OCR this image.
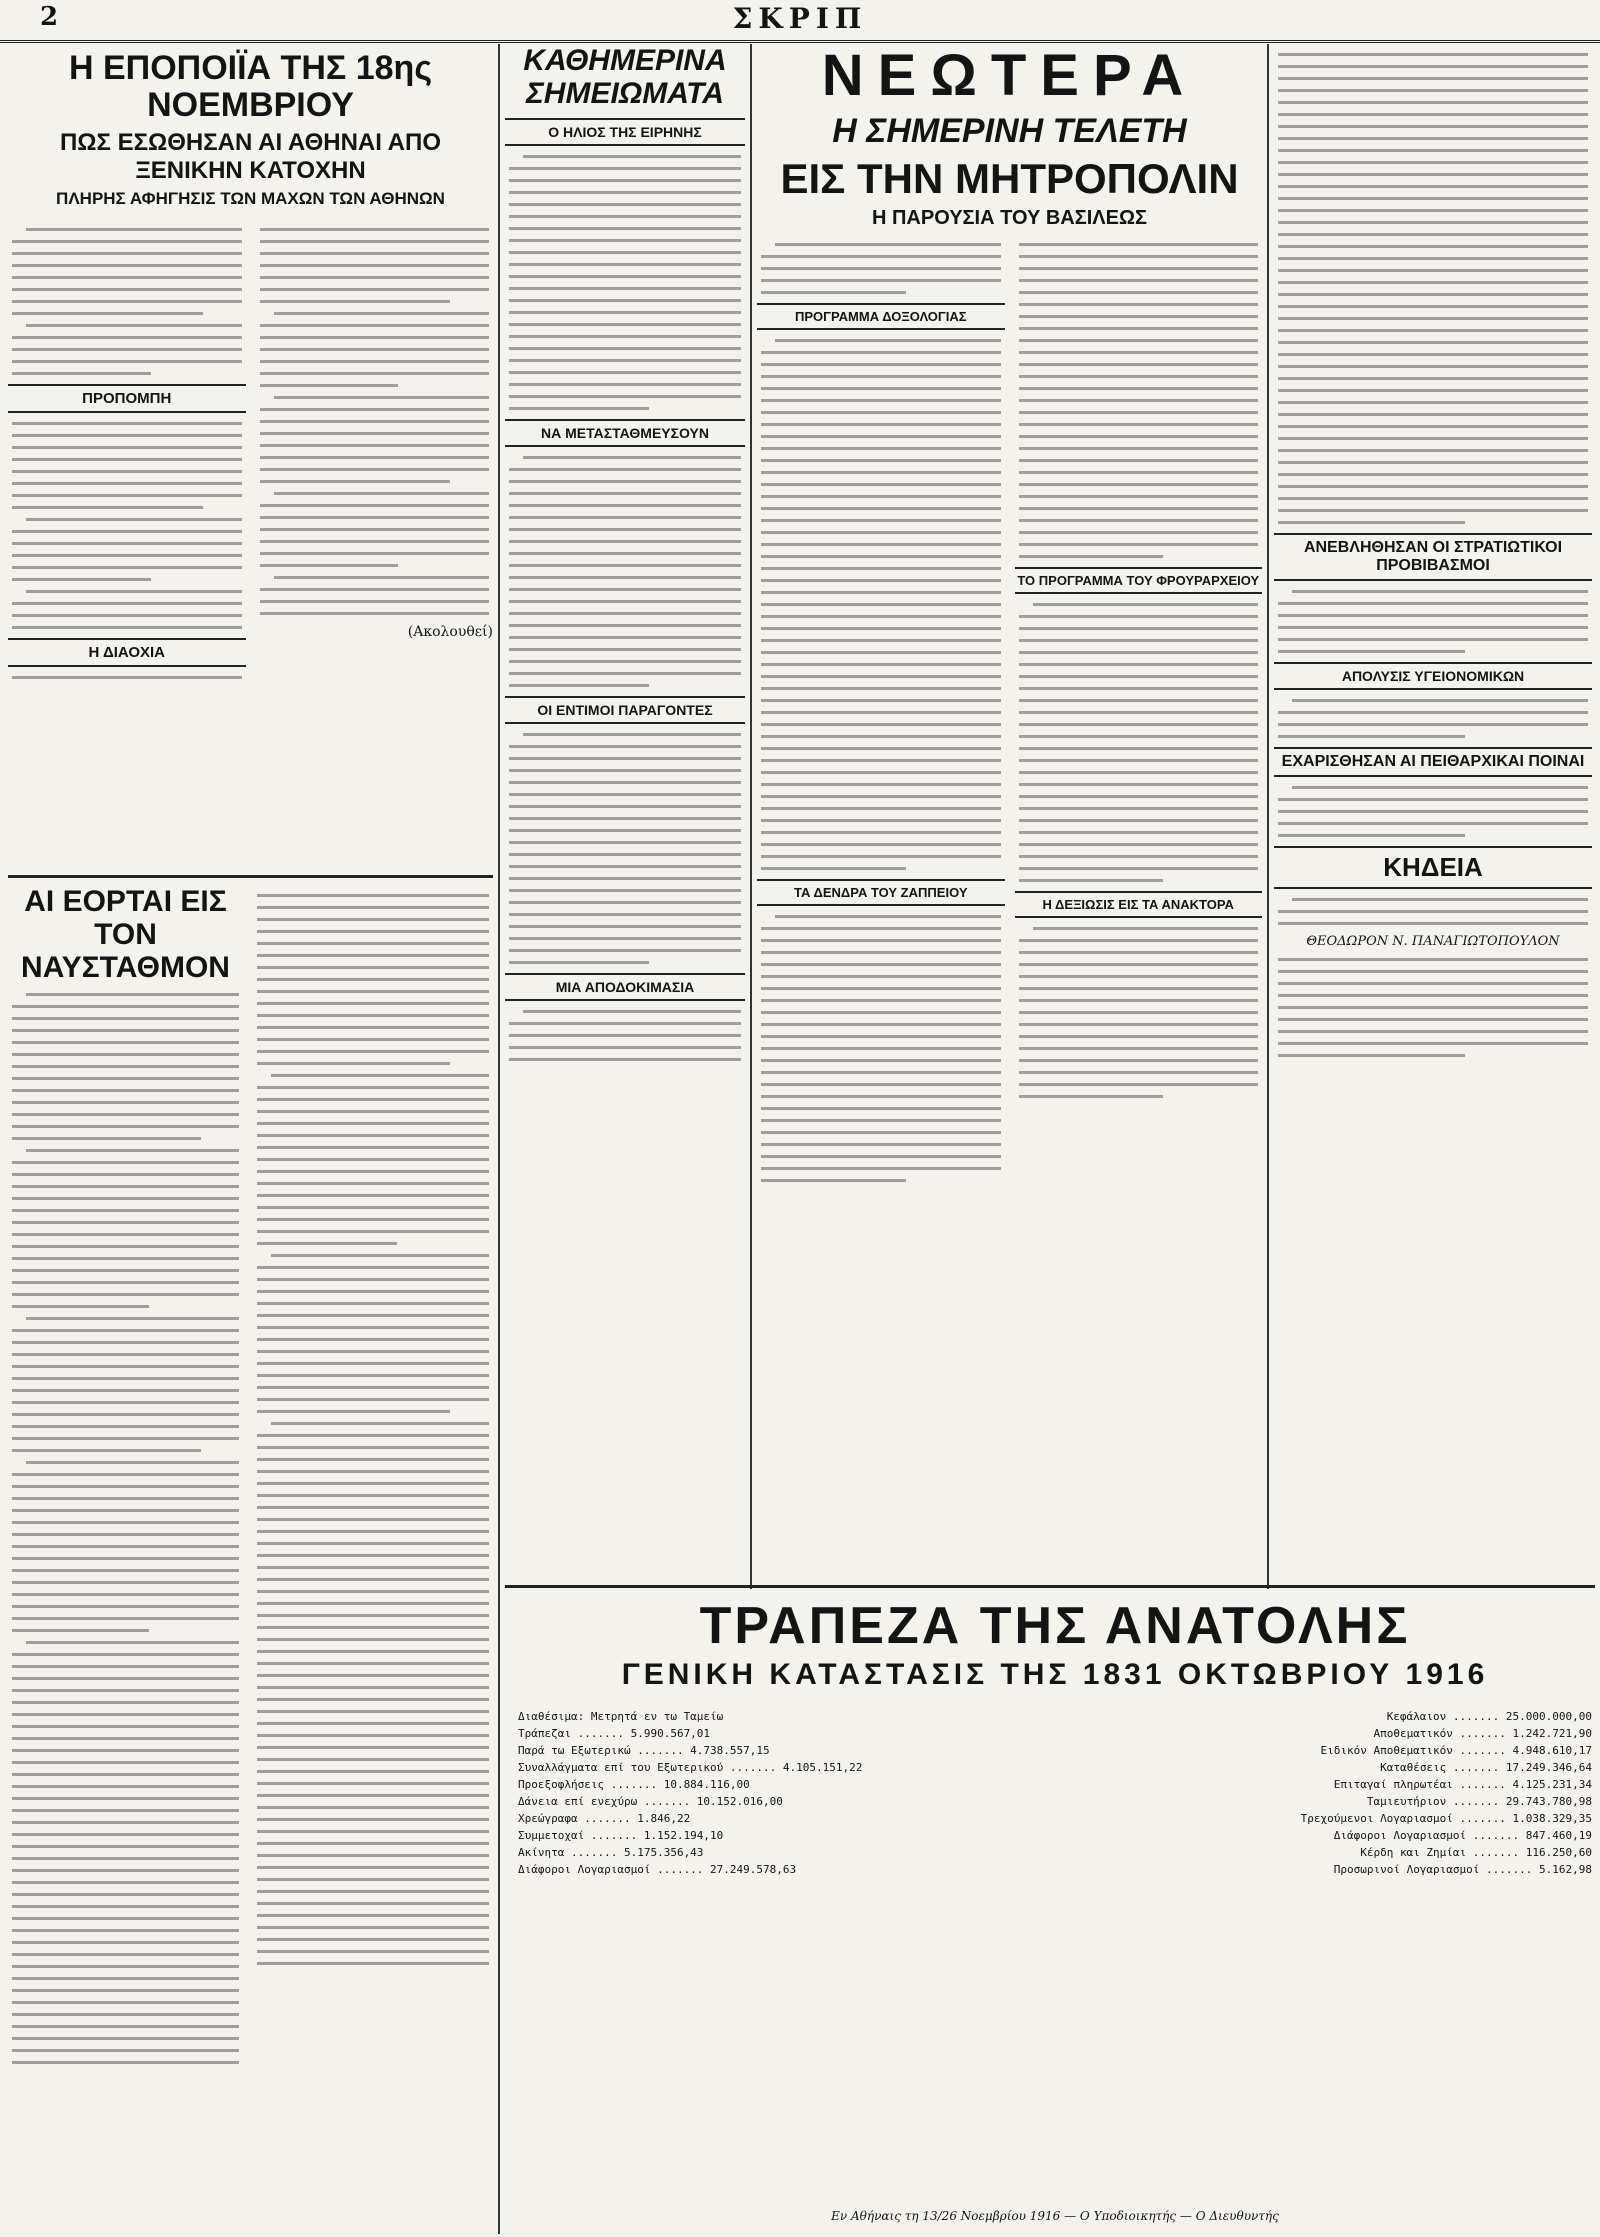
2	ΣΚΡΙΠ
Η ΕΠΟΠΟΙΪΑ ΤΗΣ 18ης ΝΟΕΜΒΡΙΟΥ
ΠΩΣ ΕΣΩΘΗΣΑΝ ΑΙ ΑΘΗΝΑΙ ΑΠΟ ΞΕΝΙΚΗΝ ΚΑΤΟΧΗΝ
ΠΛΗΡΗΣ ΑΦΗΓΗΣΙΣ ΤΩΝ ΜΑΧΩΝ ΤΩΝ ΑΘΗΝΩΝ
ΠΡΟΠΟΜΠΗ
Η ΔΙΑΟΧΙΑ
(Ακολουθεί)
ΑΙ ΕΟΡΤΑΙ ΕΙΣ ΤΟΝ ΝΑΥΣΤΑΘΜΟΝ
ΚΑΘΗΜΕΡΙΝΑ ΣΗΜΕΙΩΜΑΤΑ
Ο ΗΛΙΟΣ ΤΗΣ ΕΙΡΗΝΗΣ
ΝΑ ΜΕΤΑΣΤΑΘΜΕΥΣΟΥΝ
ΟΙ ΕΝΤΙΜΟΙ ΠΑΡΑΓΟΝΤΕΣ
ΜΙΑ ΑΠΟΔΟΚΙΜΑΣΙΑ
ΝΕΩΤΕΡΑ
Η ΣΗΜΕΡΙΝΗ ΤΕΛΕΤΗ
ΕΙΣ ΤΗΝ ΜΗΤΡΟΠΟΛΙΝ
Η ΠΑΡΟΥΣΙΑ ΤΟΥ ΒΑΣΙΛΕΩΣ
ΠΡΟΓΡΑΜΜΑ ΔΟΞΟΛΟΓΙΑΣ
ΤΑ ΔΕΝΔΡΑ ΤΟΥ ΖΑΠΠΕΙΟΥ
ΤΟ ΠΡΟΓΡΑΜΜΑ ΤΟΥ ΦΡΟΥΡΑΡΧΕΙΟΥ
Η ΔΕΞΙΩΣΙΣ ΕΙΣ ΤΑ ΑΝΑΚΤΟΡΑ
ΑΝΕΒΛΗΘΗΣΑΝ ΟΙ ΣΤΡΑΤΙΩΤΙΚΟΙ ΠΡΟΒΙΒΑΣΜΟΙ
ΑΠΟΛΥΣΙΣ ΥΓΕΙΟΝΟΜΙΚΩΝ
ΕΧΑΡΙΣΘΗΣΑΝ ΑΙ ΠΕΙΘΑΡΧΙΚΑΙ ΠΟΙΝΑΙ
ΚΗΔΕΙΑ
ΘΕΟΔΩΡΟΝ Ν. ΠΑΝΑΓΙΩΤΟΠΟΥΛΟΝ
ΤΡΑΠΕΖΑ ΤΗΣ ΑΝΑΤΟΛΗΣ
ΓΕΝΙΚΗ ΚΑΤΑΣΤΑΣΙΣ ΤΗΣ 1831 ΟΚΤΩΒΡΙΟΥ 1916
Διαθέσιμα: Μετρητά εν τω Ταμείω	Κεφάλαιον ....... 25.000.000,00
Τράπεζαι ....... 5.990.567,01	Αποθεματικόν ....... 1.242.721,90
Παρά τω Εξωτερικώ ....... 4.738.557,15	Ειδικόν Αποθεματικόν ....... 4.948.610,17
Συναλλάγματα επί του Εξωτερικού ....... 4.105.151,22	Καταθέσεις ....... 17.249.346,64
Προεξοφλήσεις ....... 10.884.116,00	Επιταγαί πληρωτέαι ....... 4.125.231,34
Δάνεια επί ενεχύρω ....... 10.152.016,00	Ταμιευτήριον ....... 29.743.780,98
Χρεώγραφα ....... 1.846,22	Τρεχούμενοι Λογαριασμοί ....... 1.038.329,35
Συμμετοχαί ....... 1.152.194,10	Διάφοροι Λογαριασμοί ....... 847.460,19
Ακίνητα ....... 5.175.356,43	Κέρδη και Ζημίαι ....... 116.250,60
Διάφοροι Λογαριασμοί ....... 27.249.578,63	Προσωρινοί Λογαριασμοί ....... 5.162,98
Εν Αθήναις τη 13/26 Νοεμβρίου 1916 — Ο Υποδιοικητής — Ο Διευθυντής
